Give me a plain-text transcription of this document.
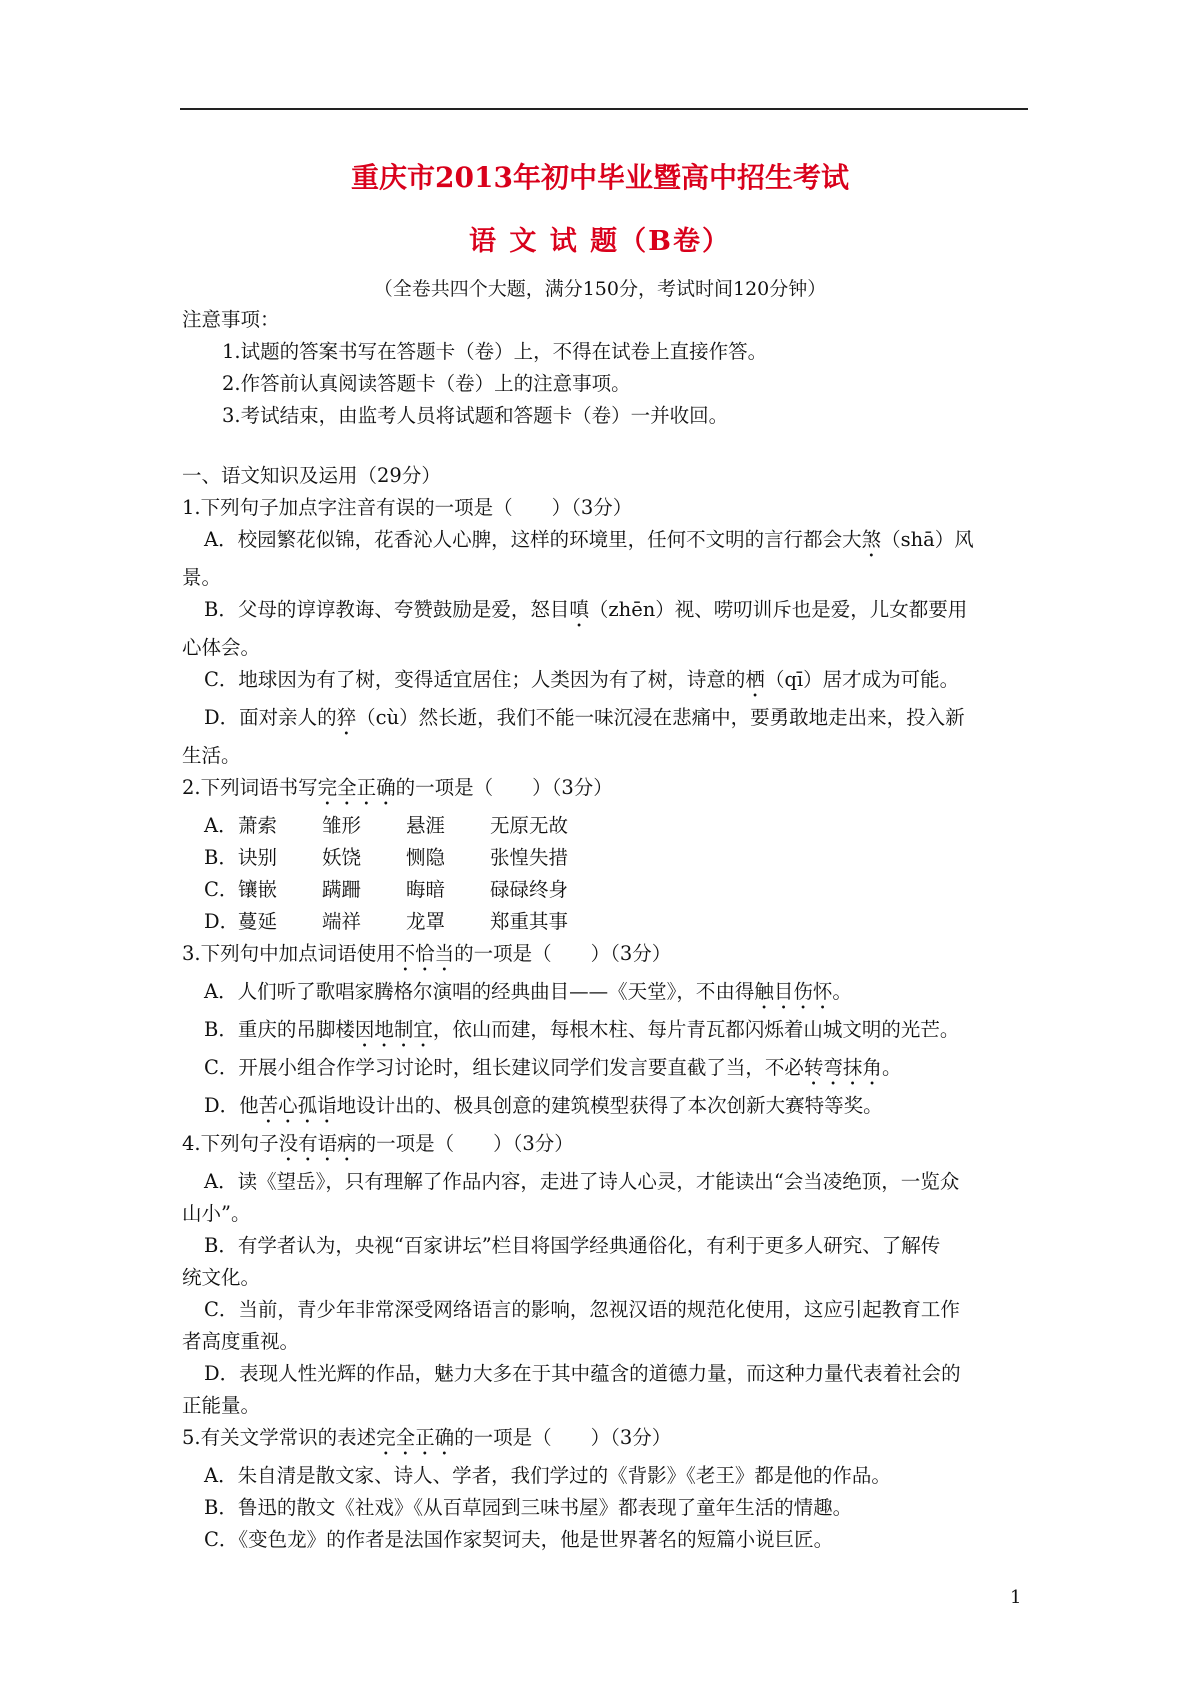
重庆市2013年初中毕业暨高中招生考试
语 文 试 题（B卷）
（全卷共四个大题，满分150分，考试时间120分钟）
注意事项：
1.试题的答案书写在答题卡（卷）上，不得在试卷上直接作答。
2.作答前认真阅读答题卡（卷）上的注意事项。
3.考试结束，由监考人员将试题和答题卡（卷）一并收回。
一、语文知识及运用（29分）
1.下列句子加点字注音有误的一项是（　　）（3分）
A．校园繁花似锦，花香沁人心脾，这样的环境里，任何不文明的言行都会大煞（shā）风
景。
B．父母的谆谆教诲、夸赞鼓励是爱，怒目嗔（zhēn）视、唠叨训斥也是爱，儿女都要用
心体会。
C．地球因为有了树，变得适宜居住；人类因为有了树，诗意的栖（qī）居才成为可能。
D．面对亲人的猝（cù）然长逝，我们不能一味沉浸在悲痛中，要勇敢地走出来，投入新
生活。
2.下列词语书写完全正确的一项是（　　）（3分）
A．萧索 雏形 悬涯 无原无故
B．诀别 妖饶 恻隐 张惶失措
C．镶嵌 蹒跚 晦暗 碌碌终身
D．蔓延 端祥 龙罩 郑重其事
3.下列句中加点词语使用不恰当的一项是（　　）（3分）
A．人们听了歌唱家腾格尔演唱的经典曲目——《天堂》，不由得触目伤怀。
B．重庆的吊脚楼因地制宜，依山而建，每根木柱、每片青瓦都闪烁着山城文明的光芒。
C．开展小组合作学习讨论时，组长建议同学们发言要直截了当，不必转弯抹角。
D．他苦心孤诣地设计出的、极具创意的建筑模型获得了本次创新大赛特等奖。
4.下列句子没有语病的一项是（　　）（3分）
A．读《望岳》，只有理解了作品内容，走进了诗人心灵，才能读出“会当凌绝顶，一览众
山小”。
B．有学者认为，央视“百家讲坛”栏目将国学经典通俗化，有利于更多人研究、了解传
统文化。
C．当前，青少年非常深受网络语言的影响，忽视汉语的规范化使用，这应引起教育工作
者高度重视。
D．表现人性光辉的作品，魅力大多在于其中蕴含的道德力量，而这种力量代表着社会的
正能量。
5.有关文学常识的表述完全正确的一项是（　　）（3分）
A．朱自清是散文家、诗人、学者，我们学过的《背影》《老王》都是他的作品。
B．鲁迅的散文《社戏》《从百草园到三味书屋》都表现了童年生活的情趣。
C．《变色龙》的作者是法国作家契诃夫，他是世界著名的短篇小说巨匠。
1
